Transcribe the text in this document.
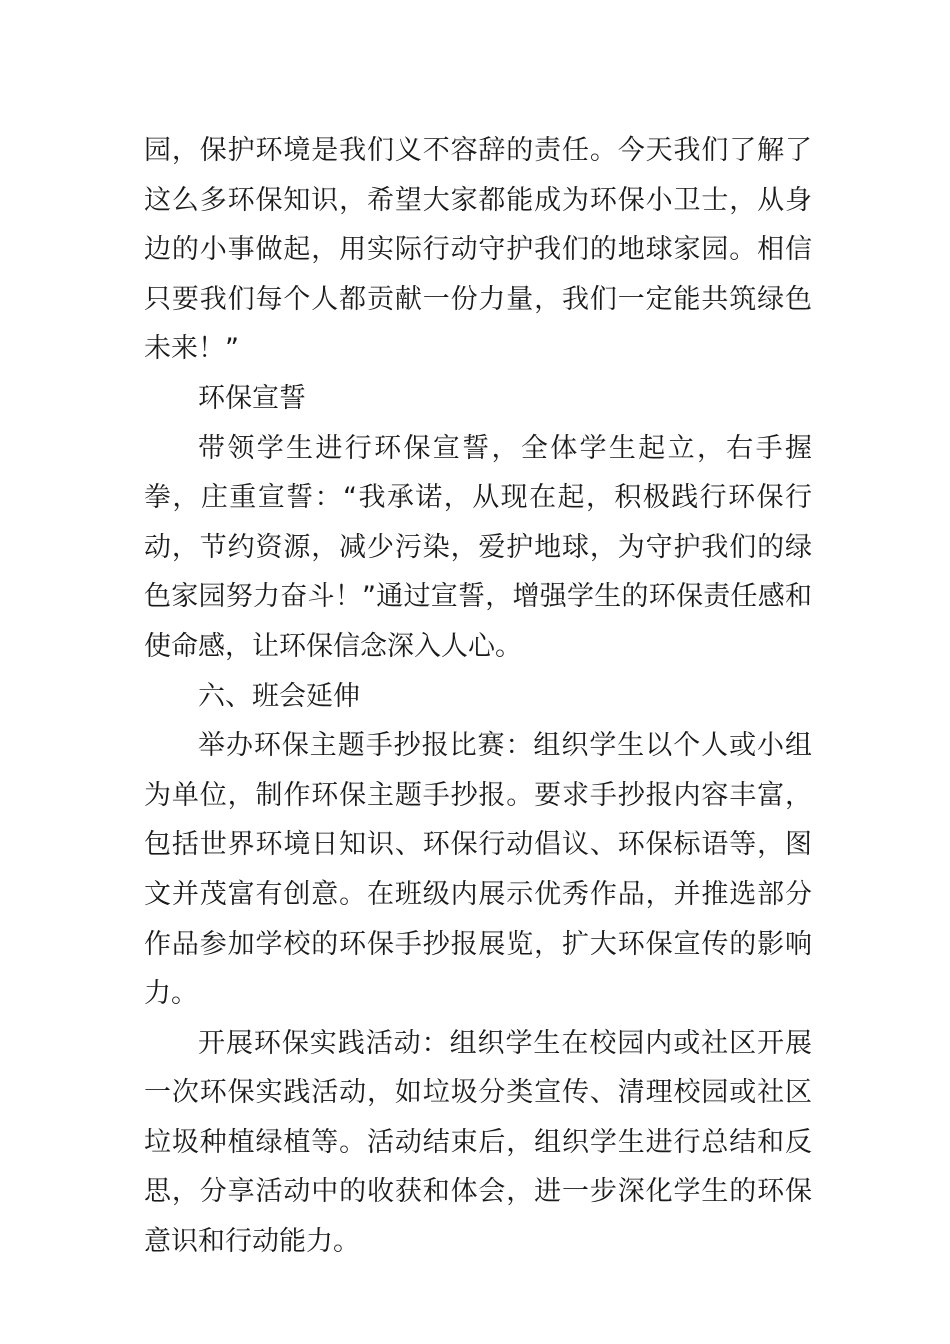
园，保护环境是我们义不容辞的责任。今天我们了解了这么多环保知识，希望大家都能成为环保小卫士，从身边的小事做起，用实际行动守护我们的地球家园。相信只要我们每个人都贡献一份力量，我们一定能共筑绿色未来！”

环保宣誓

带领学生进行环保宣誓，全体学生起立，右手握拳，庄重宣誓：“我承诺，从现在起，积极践行环保行动，节约资源，减少污染，爱护地球，为守护我们的绿色家园努力奋斗！”通过宣誓，增强学生的环保责任感和使命感，让环保信念深入人心。

六、班会延伸

举办环保主题手抄报比赛：组织学生以个人或小组为单位，制作环保主题手抄报。要求手抄报内容丰富，包括世界环境日知识、环保行动倡议、环保标语等，图文并茂富有创意。在班级内展示优秀作品，并推选部分作品参加学校的环保手抄报展览，扩大环保宣传的影响力。

开展环保实践活动：组织学生在校园内或社区开展一次环保实践活动，如垃圾分类宣传、清理校园或社区垃圾种植绿植等。活动结束后，组织学生进行总结和反思，分享活动中的收获和体会，进一步深化学生的环保意识和行动能力。
